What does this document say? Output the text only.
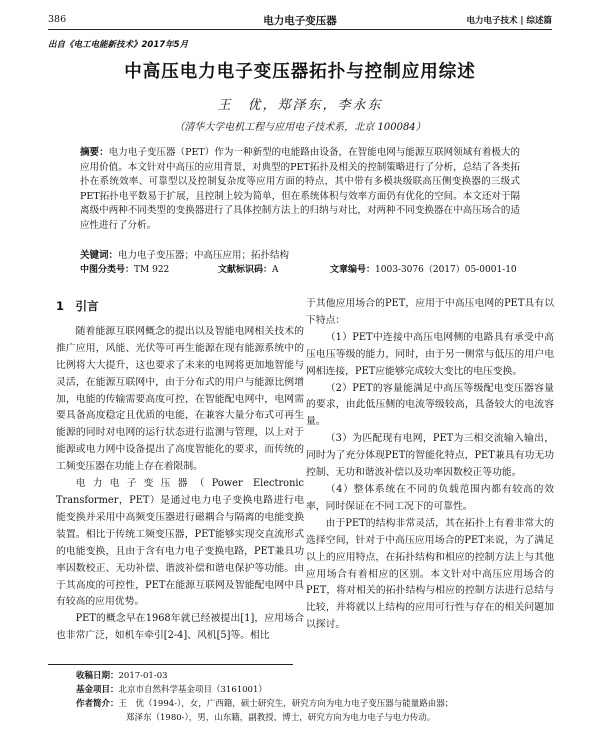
386	电力电子变压器	电力电子技术 | 综述篇
出自《电工电能新技术》2017年5月
中高压电力电子变压器拓扑与控制应用综述
王　优，郑泽东，李永东
（清华大学电机工程与应用电子技术系，北京 100084）
摘要：电力电子变压器（PET）作为一种新型的电能路由设备，在智能电网与能源互联网领域有着极大的应用价值。本文针对中高压的应用背景，对典型的PET拓扑及相关的控制策略进行了分析，总结了各类拓扑在系统效率、可靠型以及控制复杂度等应用方面的特点，其中带有多模块级联高压侧变换器的三级式PET拓扑电平数易于扩展，且控制上较为简单，但在系统体积与效率方面仍有优化的空间。本文还对于隔离级中两种不同类型的变换器进行了具体控制方法上的归纳与对比，对两种不同变换器在中高压场合的适应性进行了分析。
关键词：电力电子变压器；中高压应用；拓扑结构
中图分类号：TM 922	文献标识码：A	文章编号：1003-3076（2017）05-0001-10
1　引言

随着能源互联网概念的提出以及智能电网相关技术的推广应用，风能、光伏等可再生能源在现有能源系统中的比例将大大提升，这也要求了未来的电网将更加地智能与灵活，在能源互联网中，由于分布式的用户与能源比例增加，电能的传输需要高度可控，在智能配电网中，电网需要具备高度稳定且优质的电能，在兼容大量分布式可再生能源的同时对电网的运行状态进行监测与管理，以上对于能源或电力网中设备提出了高度智能化的要求，而传统的工频变压器在功能上存在着限制。

电力电子变压器（Power Electronic Transformer，PET）是通过电力电子变换电路进行电能变换并采用中高频变压器进行磁耦合与隔离的电能变换装置。相比于传统工频变压器，PET能够实现交直流形式的电能变换，且由于含有电力电子变换电路，PET兼具功率因数校正、无功补偿、谐波补偿和谐电保护等功能。由于其高度的可控性，PET在能源互联网及智能配电网中具有较高的应用优势。

PET的概念早在1968年就已经被提出[1]，应用场合也非常广泛，如机车牵引[2-4]、风机[5]等。相比

于其他应用场合的PET，应用于中高压电网的PET具有以下特点：

（1）PET中连接中高压电网侧的电路具有承受中高压电压等级的能力，同时，由于另一侧常与低压的用户电网相连接，PET应能够完成较大变比的电压变换。

（2）PET的容量能满足中高压等级配电变压器容量的要求，由此低压侧的电流等级较高，具备较大的电流容量。

（3）为匹配现有电网，PET为三相交流输入输出，同时为了充分体现PET的智能化特点，PET兼具有功无功控制、无功和谐波补偿以及功率因数校正等功能。

（4）整体系统在不同的负载范围内都有较高的效率，同时保证在不同工况下的可靠性。

由于PET的结构非常灵活，其在拓扑上有着非常大的选择空间，针对于中高压应用场合的PET来说，为了满足以上的应用特点，在拓扑结构和相应的控制方法上与其他应用场合有着相应的区别。本文针对中高压应用场合的PET，将对相关的拓扑结构与相应的控制方法进行总结与比较，并将就以上结构的应用可行性与存在的相关问题加以探讨。

收稿日期：2017-01-03
基金项目：北京市自然科学基金项目（3161001）
作者简介：王　优（1994-），女，广西籍，硕士研究生，研究方向为电力电子变压器与能量路由器；
郑泽东（1980-），男，山东籍，副教授，博士，研究方向为电力电子与电力传动。
